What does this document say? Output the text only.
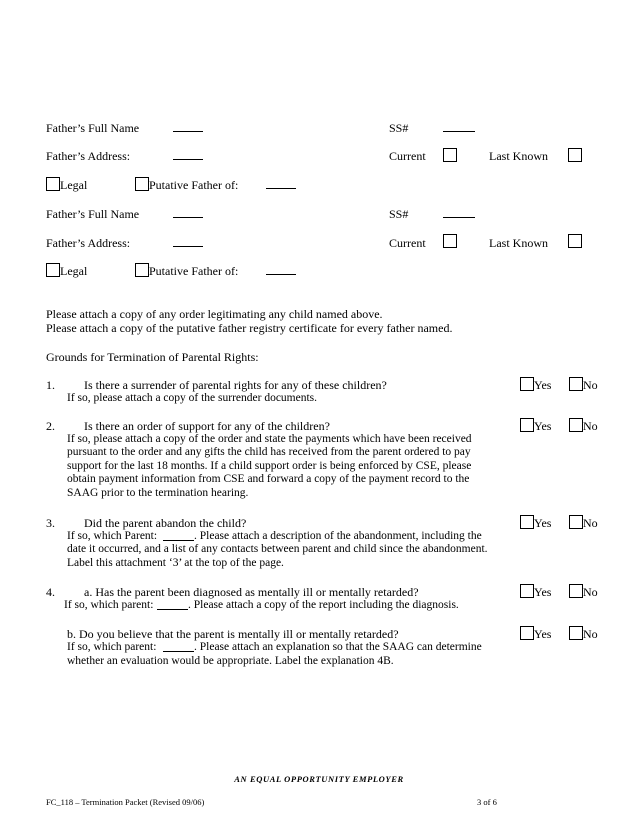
Father’s Full Name	SS#
Father’s Address:	Current	Last Known
Legal	Putative Father of:
Father’s Full Name	SS#
Father’s Address:	Current	Last Known
Legal	Putative Father of:
Please attach a copy of any order legitimating any child named above.
Please attach a copy of the putative father registry certificate for every father named.
Grounds for Termination of Parental Rights:
1. Is there a surrender of parental rights for any of these children?
If so, please attach a copy of the surrender documents.
Yes	No
2. Is there an order of support for any of the children?
If so, please attach a copy of the order and state the payments which have been received
pursuant to the order and any gifts the child has received from the parent ordered to pay
support for the last 18 months. If a child support order is being enforced by CSE, please
obtain payment information from CSE and forward a copy of the payment record to the
SAAG prior to the termination hearing.
Yes	No
3. Did the parent abandon the child?
If so, which Parent:	. Please attach a description of the abandonment, including the
date it occurred, and a list of any contacts between parent and child since the abandonment.
Label this attachment ‘3’ at the top of the page.
Yes	No
4. a. Has the parent been diagnosed as mentally ill or mentally retarded?
If so, which parent:	. Please attach a copy of the report including the diagnosis.
Yes	No
b. Do you believe that the parent is mentally ill or mentally retarded?
If so, which parent:	. Please attach an explanation so that the SAAG can determine
whether an evaluation would be appropriate. Label the explanation 4B.
Yes	No
AN EQUAL OPPORTUNITY EMPLOYER
FC_118 – Termination Packet (Revised 09/06)	3 of 6
